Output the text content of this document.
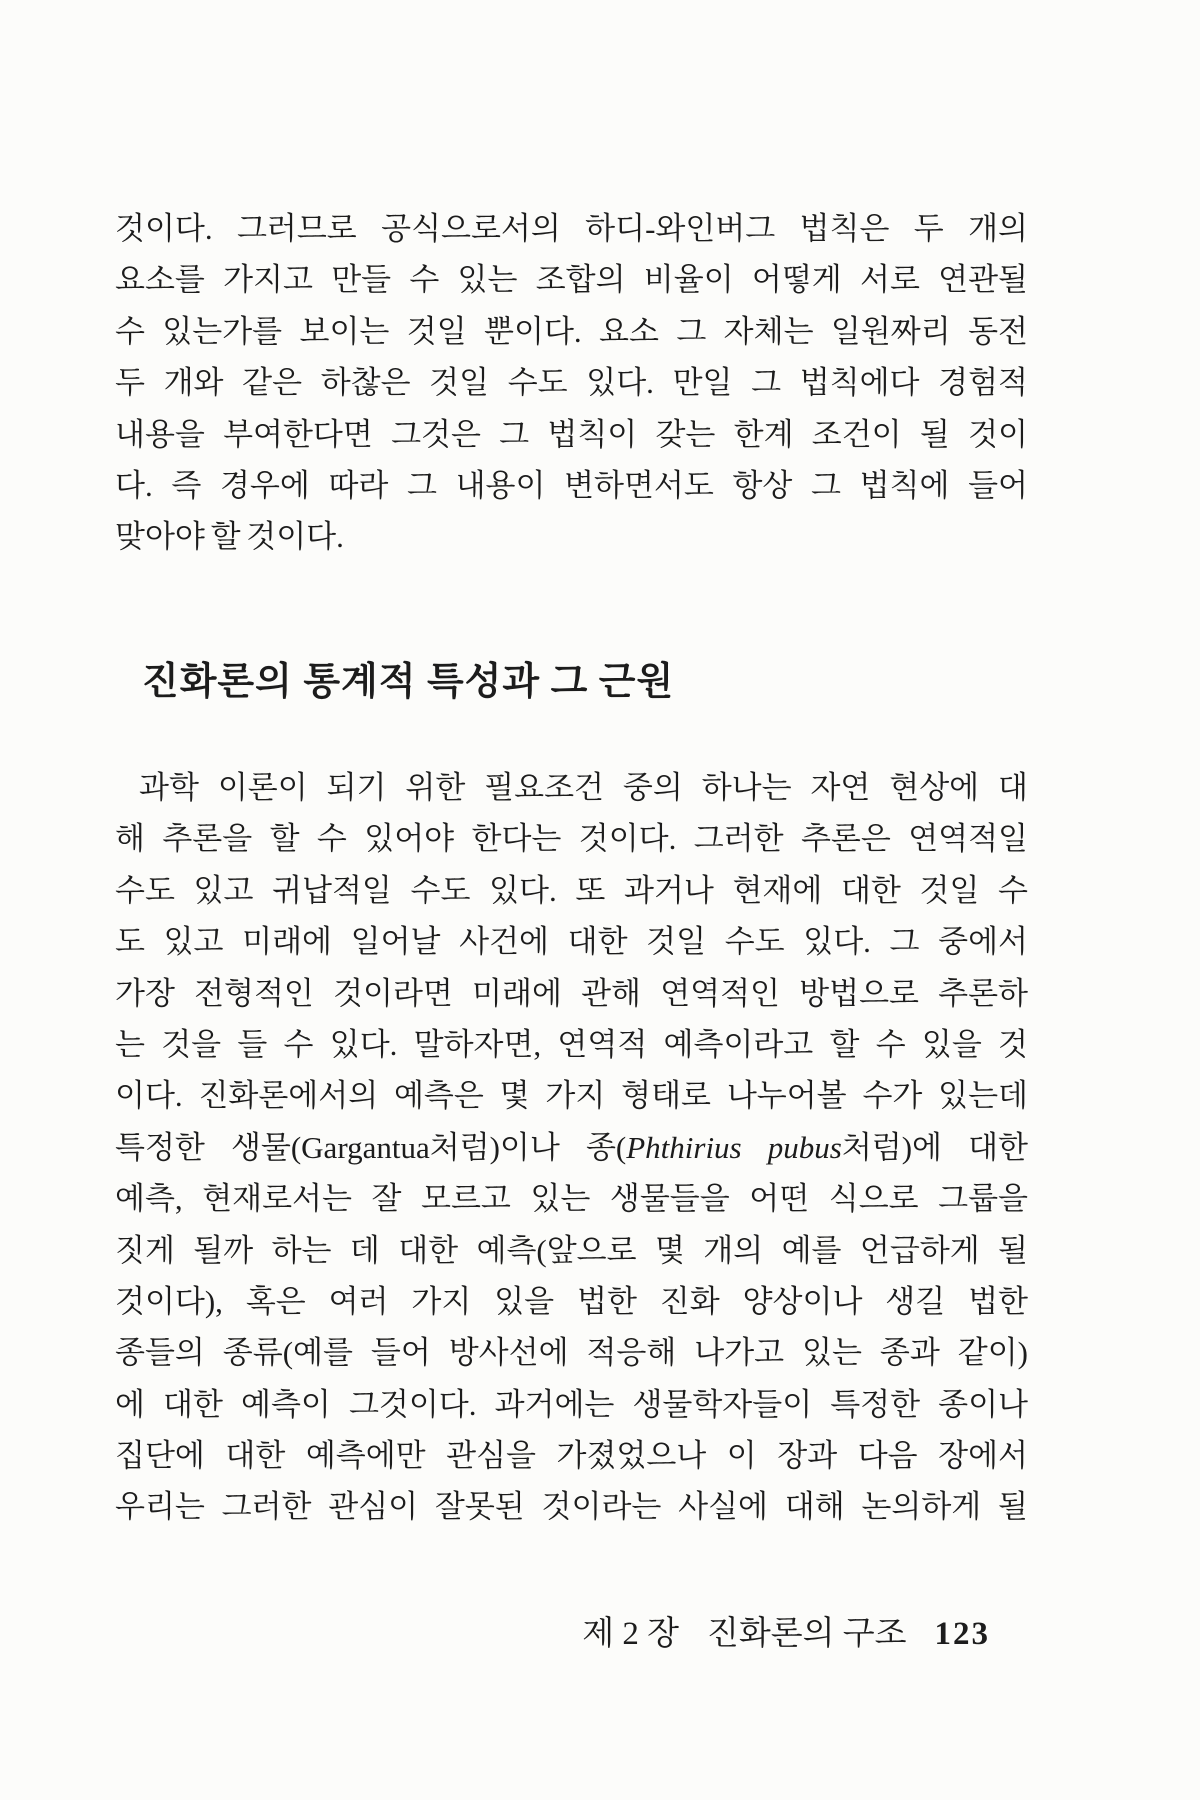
것이다. 그러므로 공식으로서의 하디-와인버그 법칙은 두 개의
요소를 가지고 만들 수 있는 조합의 비율이 어떻게 서로 연관될
수 있는가를 보이는 것일 뿐이다. 요소 그 자체는 일원짜리 동전
두 개와 같은 하찮은 것일 수도 있다. 만일 그 법칙에다 경험적
내용을 부여한다면 그것은 그 법칙이 갖는 한계 조건이 될 것이
다. 즉 경우에 따라 그 내용이 변하면서도 항상 그 법칙에 들어
맞아야 할 것이다.
진화론의 통계적 특성과 그 근원
과학 이론이 되기 위한 필요조건 중의 하나는 자연 현상에 대
해 추론을 할 수 있어야 한다는 것이다. 그러한 추론은 연역적일
수도 있고 귀납적일 수도 있다. 또 과거나 현재에 대한 것일 수
도 있고 미래에 일어날 사건에 대한 것일 수도 있다. 그 중에서
가장 전형적인 것이라면 미래에 관해 연역적인 방법으로 추론하
는 것을 들 수 있다. 말하자면, 연역적 예측이라고 할 수 있을 것
이다. 진화론에서의 예측은 몇 가지 형태로 나누어볼 수가 있는데
특정한 생물(Gargantua처럼)이나 종(Phthirius pubus처럼)에 대한
예측, 현재로서는 잘 모르고 있는 생물들을 어떤 식으로 그룹을
짓게 될까 하는 데 대한 예측(앞으로 몇 개의 예를 언급하게 될
것이다), 혹은 여러 가지 있을 법한 진화 양상이나 생길 법한
종들의 종류(예를 들어 방사선에 적응해 나가고 있는 종과 같이)
에 대한 예측이 그것이다. 과거에는 생물학자들이 특정한 종이나
집단에 대한 예측에만 관심을 가졌었으나 이 장과 다음 장에서
우리는 그러한 관심이 잘못된 것이라는 사실에 대해 논의하게 될
제 2 장 진화론의 구조 123
